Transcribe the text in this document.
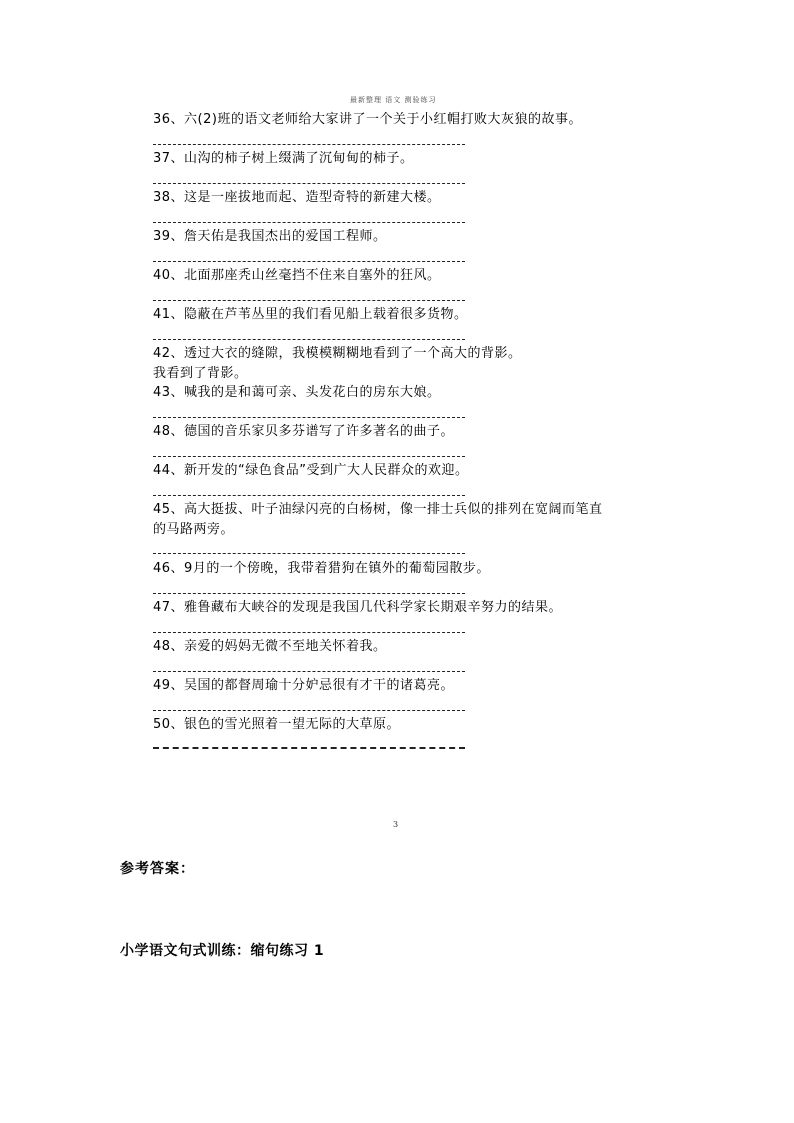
最新整理 语文 测验练习
36、六(2)班的语文老师给大家讲了一个关于小红帽打败大灰狼的故事。
37、山沟的柿子树上缀满了沉甸甸的柿子。
38、这是一座拔地而起、造型奇特的新建大楼。
39、詹天佑是我国杰出的爱国工程师。
40、北面那座秃山丝毫挡不住来自塞外的狂风。
41、隐蔽在芦苇丛里的我们看见船上载着很多货物。
42、透过大衣的缝隙，我模模糊糊地看到了一个高大的背影。
我看到了背影。
43、喊我的是和蔼可亲、头发花白的房东大娘。
48、德国的音乐家贝多芬谱写了许多著名的曲子。
44、新开发的“绿色食品”受到广大人民群众的欢迎。
45、高大挺拔、叶子油绿闪亮的白杨树，像一排士兵似的排列在宽阔而笔直
的马路两旁。
46、9月的一个傍晚，我带着猎狗在镇外的葡萄园散步。
47、雅鲁藏布大峡谷的发现是我国几代科学家长期艰辛努力的结果。
48、亲爱的妈妈无微不至地关怀着我。
49、吴国的都督周瑜十分妒忌很有才干的诸葛亮。
50、银色的雪光照着一望无际的大草原。
3
参考答案：
小学语文句式训练：缩句练习 1
